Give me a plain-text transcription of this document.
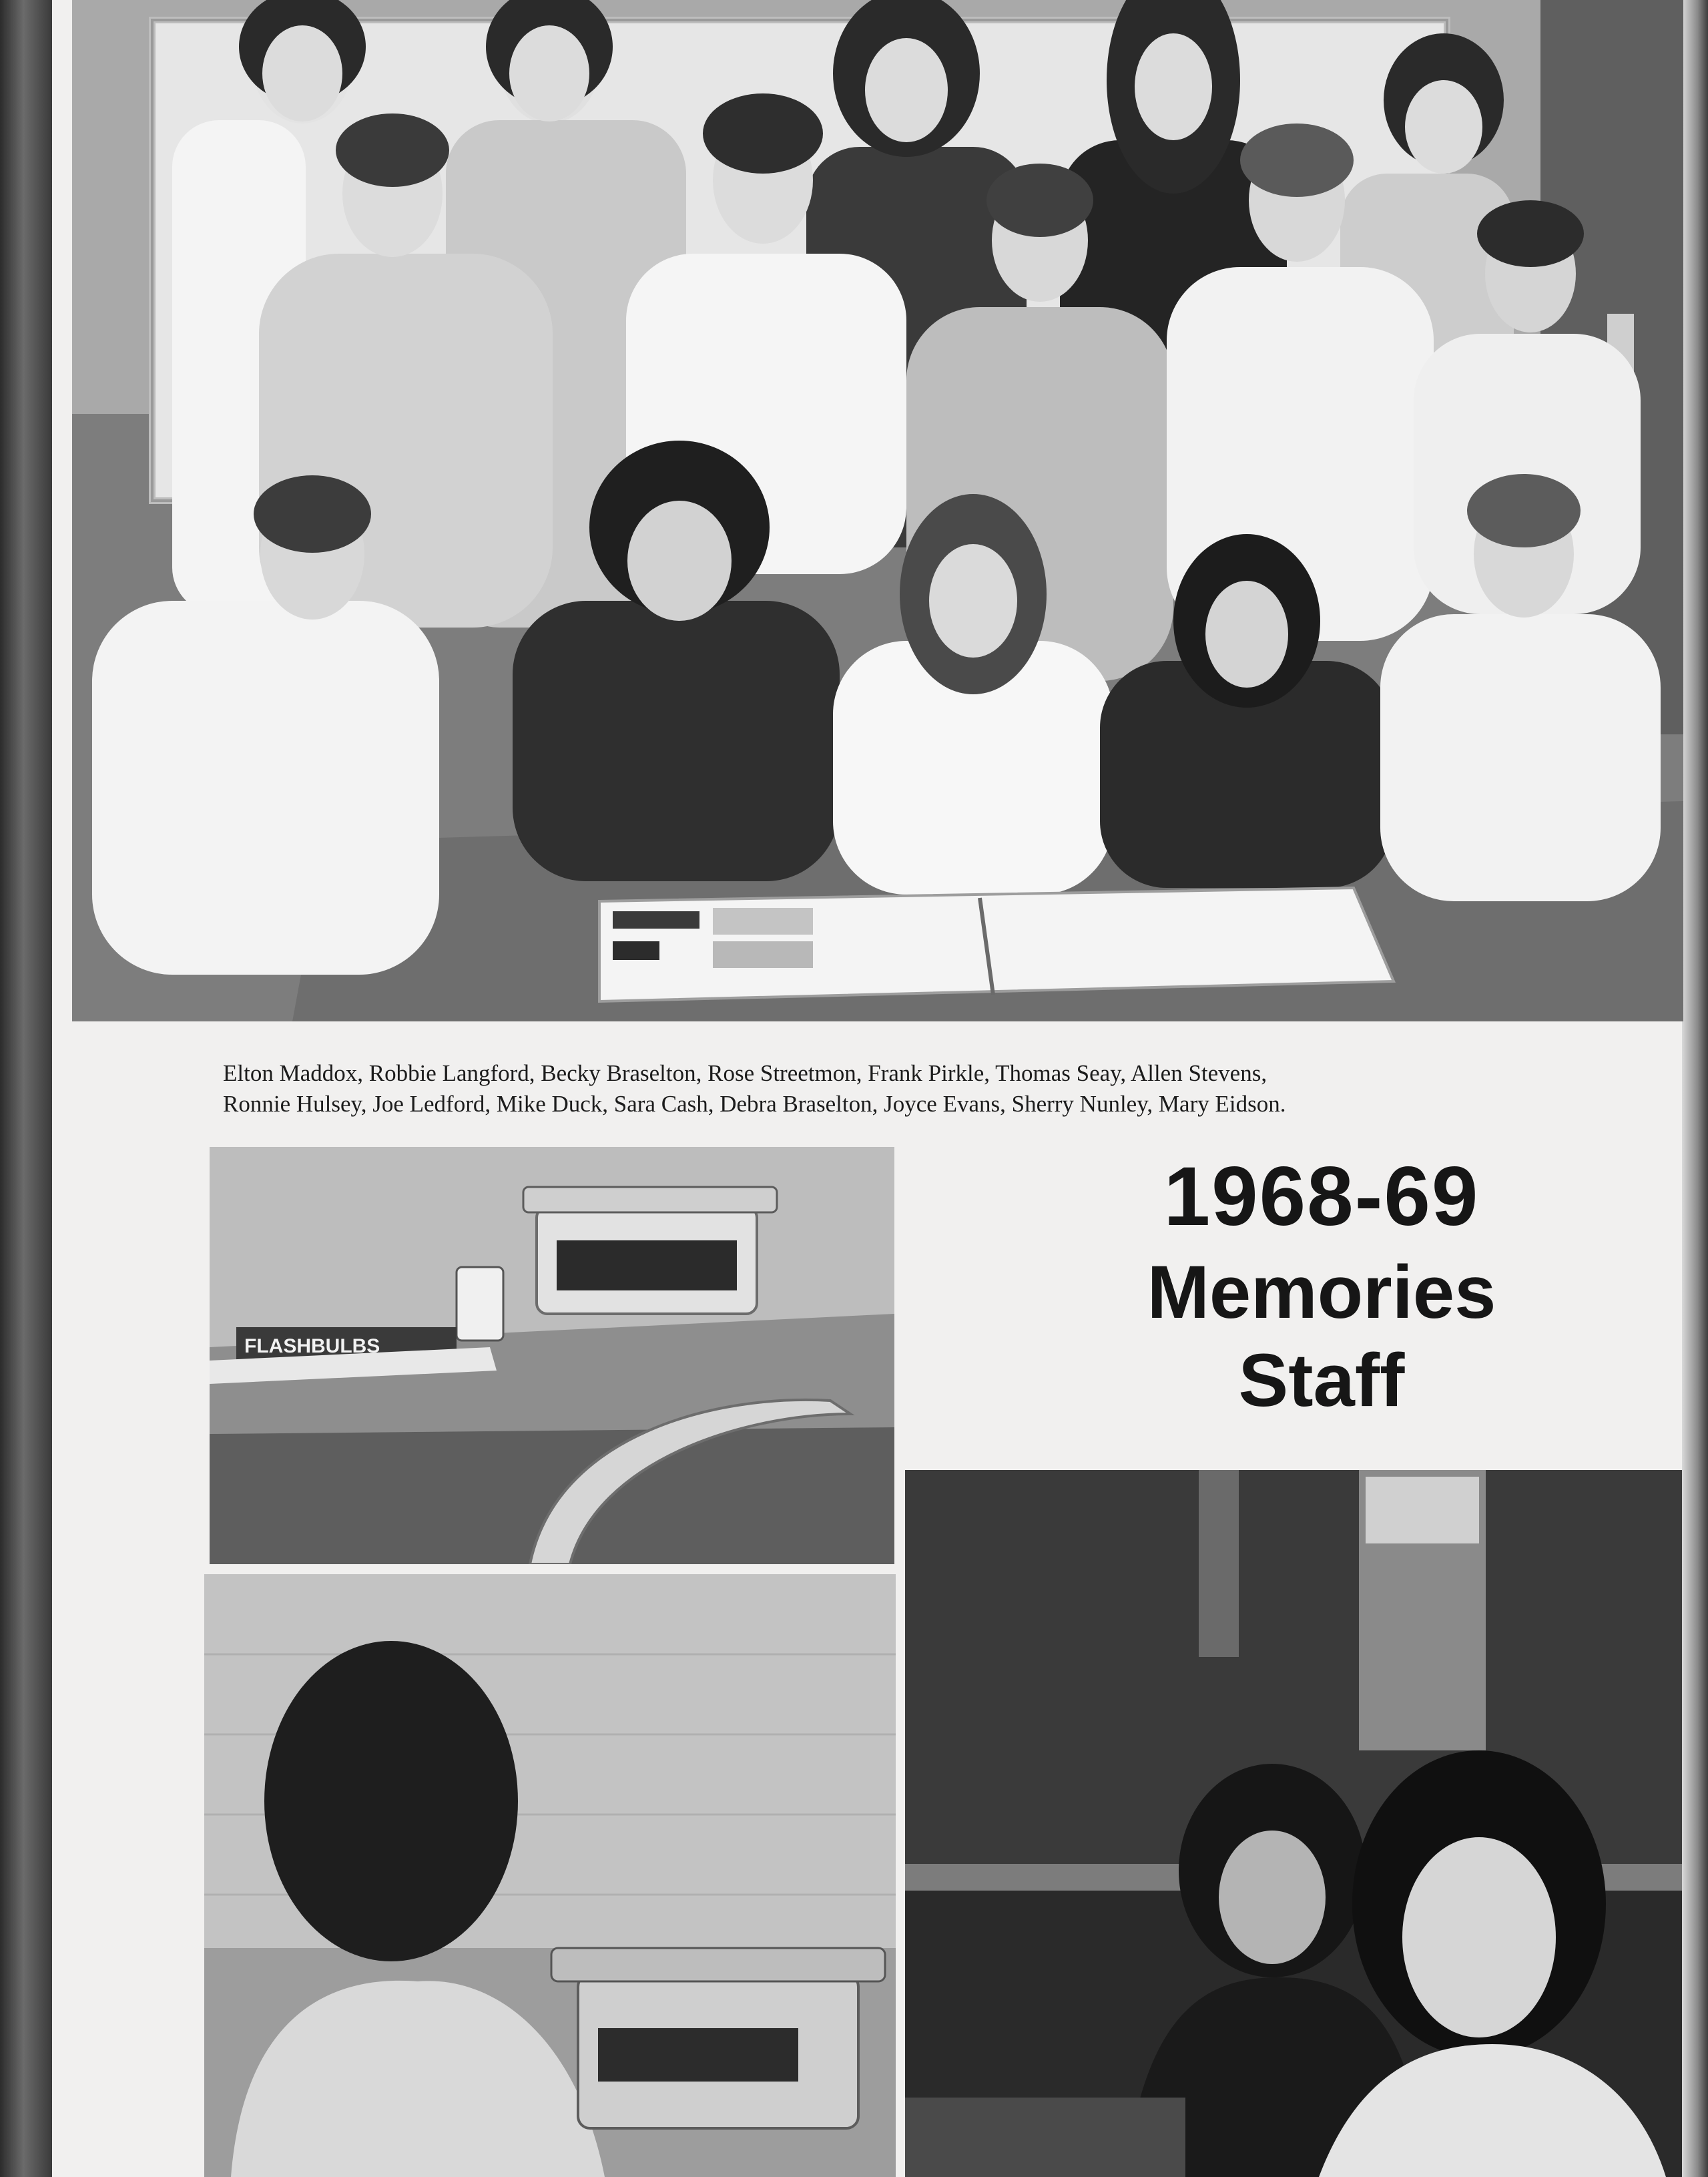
Elton Maddox, Robbie Langford, Becky Braselton, Rose Streetmon, Frank Pirkle, Thomas Seay, Allen Stevens,
Ronnie Hulsey, Joe Ledford, Mike Duck, Sara Cash, Debra Braselton, Joyce Evans, Sherry Nunley, Mary Eidson.
FLASHBULBS
1968-69
Memories
Staff
